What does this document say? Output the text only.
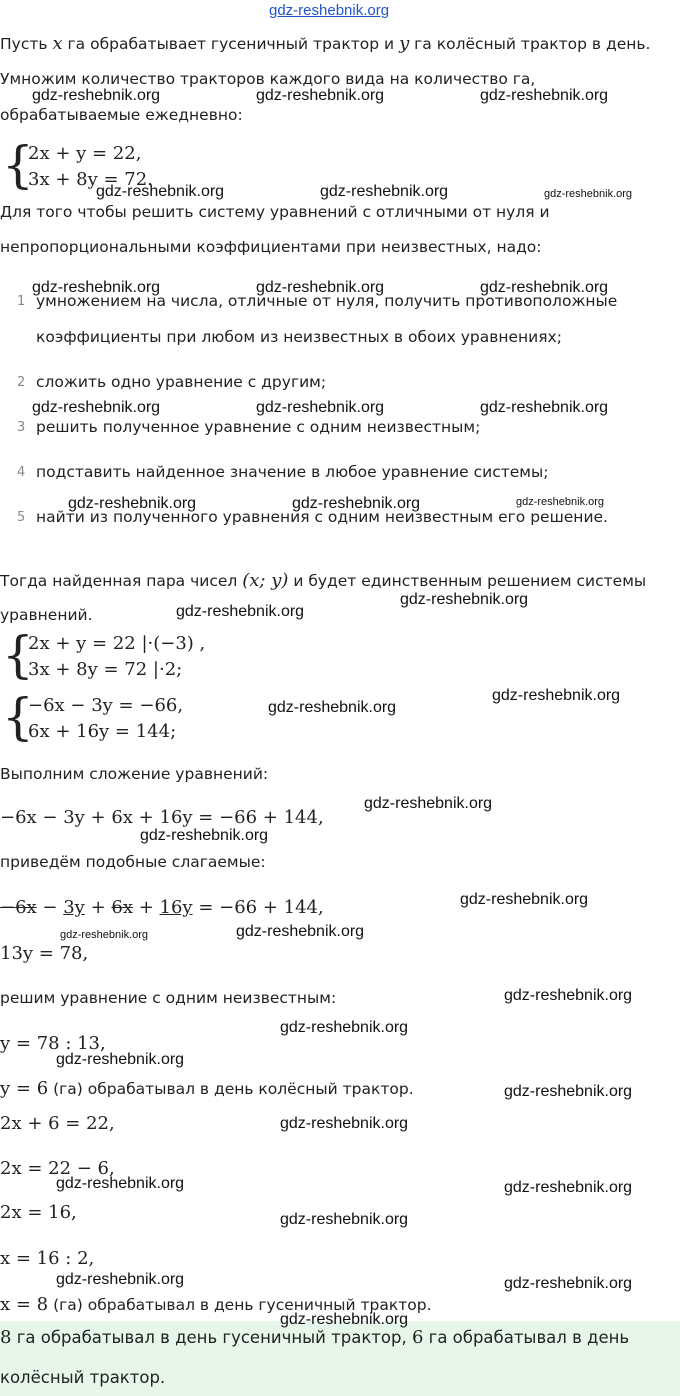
gdz-reshebnik.org
Пусть x га обрабатывает гусеничный трактор и y га колёсный трактор в день.
Умножим количество тракторов каждого вида на количество га,
обрабатываемые ежедневно:
{
2x + y = 22,
3x + 8y = 72.
Для того чтобы решить систему уравнений с отличными от нуля и
непропорциональными коэффициентами при неизвестных, надо:
1 умножением на числа, отличные от нуля, получить противоположные
коэффициенты при любом из неизвестных в обоих уравнениях;
2 сложить одно уравнение с другим;
3 решить полученное уравнение с одним неизвестным;
4 подставить найденное значение в любое уравнение системы;
5 найти из полученного уравнения с одним неизвестным его решение.
Тогда найденная пара чисел (x; y) и будет единственным решением системы
уравнений.
{
2x + y = 22 |·(−3) ,
3x + 8y = 72 |·2;
{
−6x − 3y = −66,
6x + 16y = 144;
Выполним сложение уравнений:
−6x − 3y + 6x + 16y = −66 + 144,
приведём подобные слагаемые:
−6x − 3y + 6x + 16y = −66 + 144,
13y = 78,
решим уравнение с одним неизвестным:
y = 78 : 13,
y = 6 (га) обрабатывал в день колёсный трактор.
2x + 6 = 22,
2x = 22 − 6,
2x = 16,
x = 16 : 2,
x = 8 (га) обрабатывал в день гусеничный трактор.
8 га обрабатывал в день гусеничный трактор, 6 га обрабатывал в день
колёсный трактор.
gdz-reshebnik.org	gdz-reshebnik.org	gdz-reshebnik.org
gdz-reshebnik.org	gdz-reshebnik.org	gdz-reshebnik.org
gdz-reshebnik.org	gdz-reshebnik.org	gdz-reshebnik.org
gdz-reshebnik.org	gdz-reshebnik.org	gdz-reshebnik.org
gdz-reshebnik.org	gdz-reshebnik.org	gdz-reshebnik.org
gdz-reshebnik.org
gdz-reshebnik.org
gdz-reshebnik.org
gdz-reshebnik.org
gdz-reshebnik.org
gdz-reshebnik.org
gdz-reshebnik.org
gdz-reshebnik.org	gdz-reshebnik.org
gdz-reshebnik.org
gdz-reshebnik.org
gdz-reshebnik.org
gdz-reshebnik.org
gdz-reshebnik.org
gdz-reshebnik.org	gdz-reshebnik.org
gdz-reshebnik.org
gdz-reshebnik.org	gdz-reshebnik.org
gdz-reshebnik.org
